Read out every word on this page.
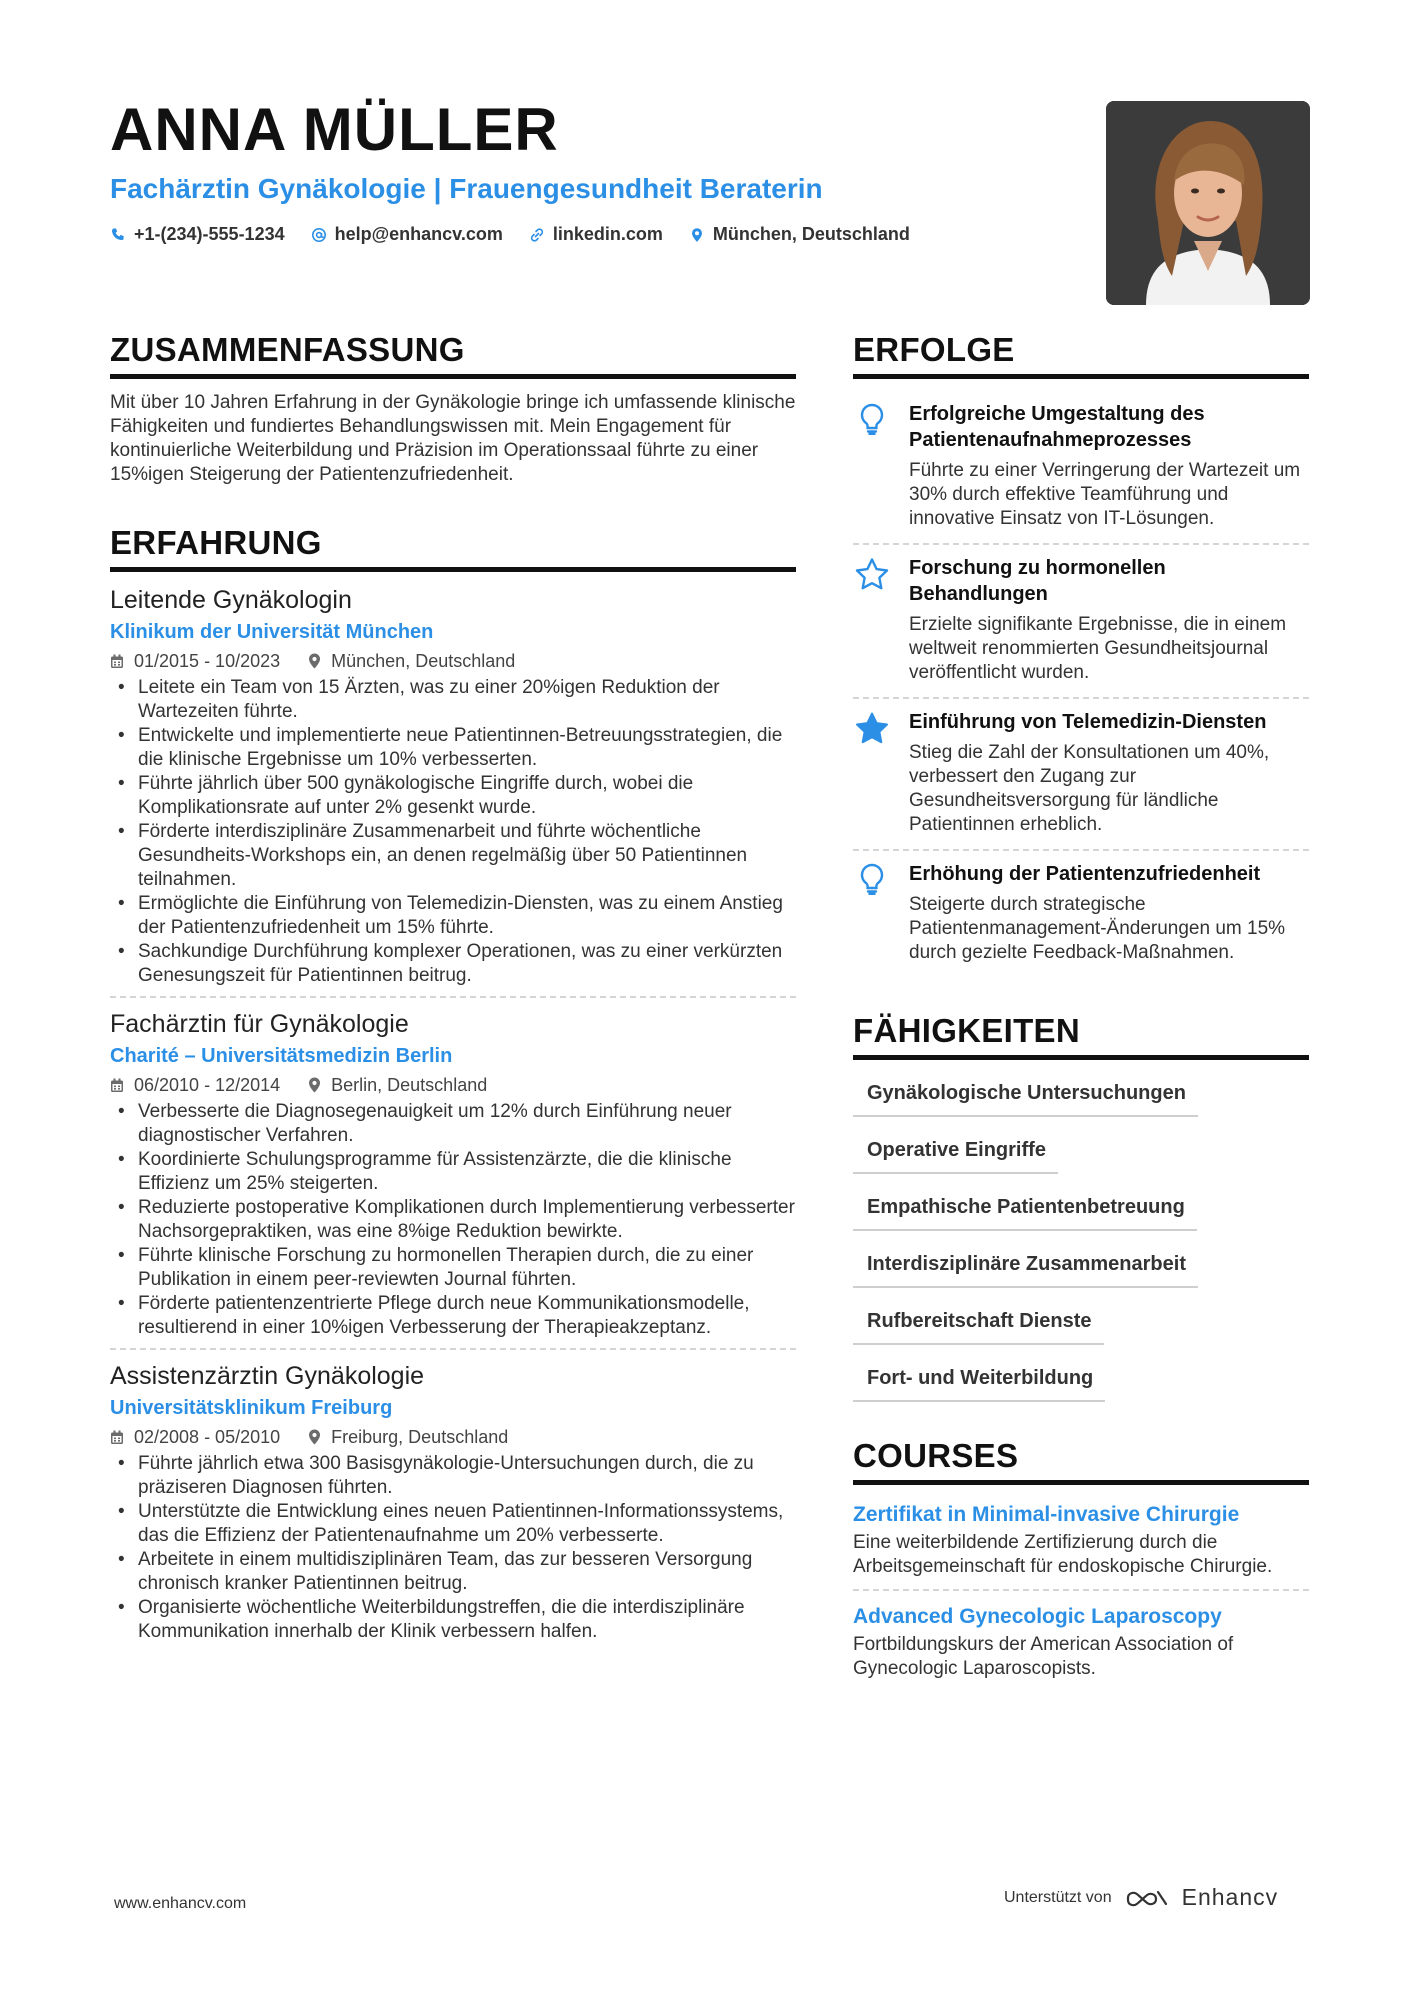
ANNA MÜLLER
Fachärztin Gynäkologie | Frauengesundheit Beraterin
+1-(234)-555-1234	help@enhancv.com	linkedin.com	München, Deutschland
ZUSAMMENFASSUNG
Mit über 10 Jahren Erfahrung in der Gynäkologie bringe ich umfassende klinische Fähigkeiten und fundiertes Behandlungswissen mit. Mein Engagement für kontinuierliche Weiterbildung und Präzision im Operationssaal führte zu einer 15%igen Steigerung der Patientenzufriedenheit.
ERFAHRUNG
Leitende Gynäkologin
Klinikum der Universität München
01/2015 - 10/2023	München, Deutschland
• Leitete ein Team von 15 Ärzten, was zu einer 20%igen Reduktion der Wartezeiten führte.
• Entwickelte und implementierte neue Patientinnen-Betreuungsstrategien, die die klinische Ergebnisse um 10% verbesserten.
• Führte jährlich über 500 gynäkologische Eingriffe durch, wobei die Komplikationsrate auf unter 2% gesenkt wurde.
• Förderte interdisziplinäre Zusammenarbeit und führte wöchentliche Gesundheits-Workshops ein, an denen regelmäßig über 50 Patientinnen teilnahmen.
• Ermöglichte die Einführung von Telemedizin-Diensten, was zu einem Anstieg der Patientenzufriedenheit um 15% führte.
• Sachkundige Durchführung komplexer Operationen, was zu einer verkürzten Genesungszeit für Patientinnen beitrug.
Fachärztin für Gynäkologie
Charité – Universitätsmedizin Berlin
06/2010 - 12/2014	Berlin, Deutschland
• Verbesserte die Diagnosegenauigkeit um 12% durch Einführung neuer diagnostischer Verfahren.
• Koordinierte Schulungsprogramme für Assistenzärzte, die die klinische Effizienz um 25% steigerten.
• Reduzierte postoperative Komplikationen durch Implementierung verbesserter Nachsorgepraktiken, was eine 8%ige Reduktion bewirkte.
• Führte klinische Forschung zu hormonellen Therapien durch, die zu einer Publikation in einem peer-reviewten Journal führten.
• Förderte patientenzentrierte Pflege durch neue Kommunikationsmodelle, resultierend in einer 10%igen Verbesserung der Therapieakzeptanz.
Assistenzärztin Gynäkologie
Universitätsklinikum Freiburg
02/2008 - 05/2010	Freiburg, Deutschland
• Führte jährlich etwa 300 Basisgynäkologie-Untersuchungen durch, die zu präziseren Diagnosen führten.
• Unterstützte die Entwicklung eines neuen Patientinnen-Informationssystems, das die Effizienz der Patientenaufnahme um 20% verbesserte.
• Arbeitete in einem multidisziplinären Team, das zur besseren Versorgung chronisch kranker Patientinnen beitrug.
• Organisierte wöchentliche Weiterbildungstreffen, die die interdisziplinäre Kommunikation innerhalb der Klinik verbessern halfen.
ERFOLGE
Erfolgreiche Umgestaltung des Patientenaufnahmeprozesses
Führte zu einer Verringerung der Wartezeit um 30% durch effektive Teamführung und innovative Einsatz von IT-Lösungen.
Forschung zu hormonellen Behandlungen
Erzielte signifikante Ergebnisse, die in einem weltweit renommierten Gesundheitsjournal veröffentlicht wurden.
Einführung von Telemedizin-Diensten
Stieg die Zahl der Konsultationen um 40%, verbessert den Zugang zur Gesundheitsversorgung für ländliche Patientinnen erheblich.
Erhöhung der Patientenzufriedenheit
Steigerte durch strategische Patientenmanagement-Änderungen um 15% durch gezielte Feedback-Maßnahmen.
FÄHIGKEITEN
Gynäkologische Untersuchungen
Operative Eingriffe
Empathische Patientenbetreuung
Interdisziplinäre Zusammenarbeit
Rufbereitschaft Dienste
Fort- und Weiterbildung
COURSES
Zertifikat in Minimal-invasive Chirurgie
Eine weiterbildende Zertifizierung durch die Arbeitsgemeinschaft für endoskopische Chirurgie.
Advanced Gynecologic Laparoscopy
Fortbildungskurs der American Association of Gynecologic Laparoscopists.
www.enhancv.com	Unterstützt von	Enhancv
